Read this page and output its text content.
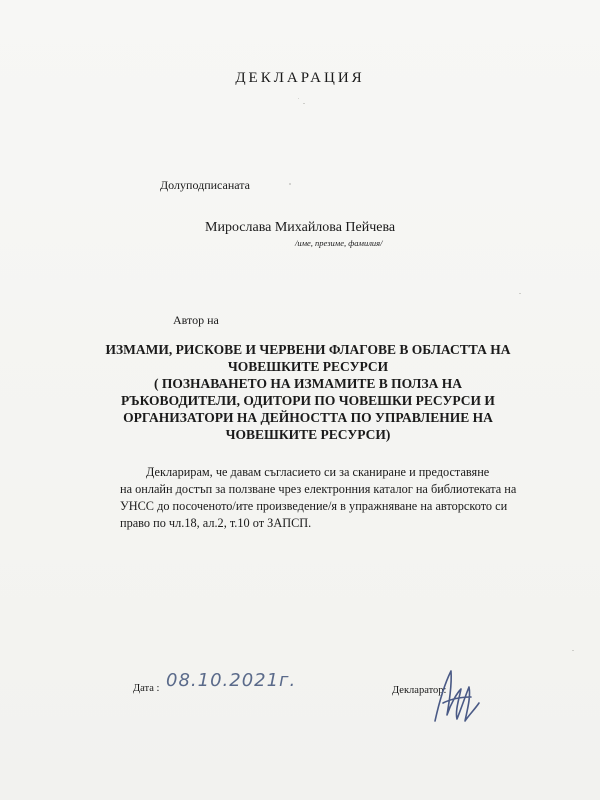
ДЕКЛАРАЦИЯ
Долуподписаната
Мирослава Михайлова Пейчева
/име, презиме, фамилия/
Автор на
ИЗМАМИ, РИСКОВЕ И ЧЕРВЕНИ ФЛАГОВЕ В ОБЛАСТТА НА
ЧОВЕШКИТЕ РЕСУРСИ
( ПОЗНАВАНЕТО НА ИЗМАМИТЕ В ПОЛЗА НА
РЪКОВОДИТЕЛИ, ОДИТОРИ ПО ЧОВЕШКИ РЕСУРСИ И
ОРГАНИЗАТОРИ НА ДЕЙНОСТТА ПО УПРАВЛЕНИЕ НА
ЧОВЕШКИТЕ РЕСУРСИ)
Декларирам, че давам съгласието си за сканиране и предоставяне
на онлайн достъп за ползване чрез електронния каталог на библиотеката на
УНСС до посоченото/ите произведение/я в упражняване на авторското си
право по чл.18, ал.2, т.10 от ЗАПСП.
Дата : 08.10.2021г.	Декларатор:
